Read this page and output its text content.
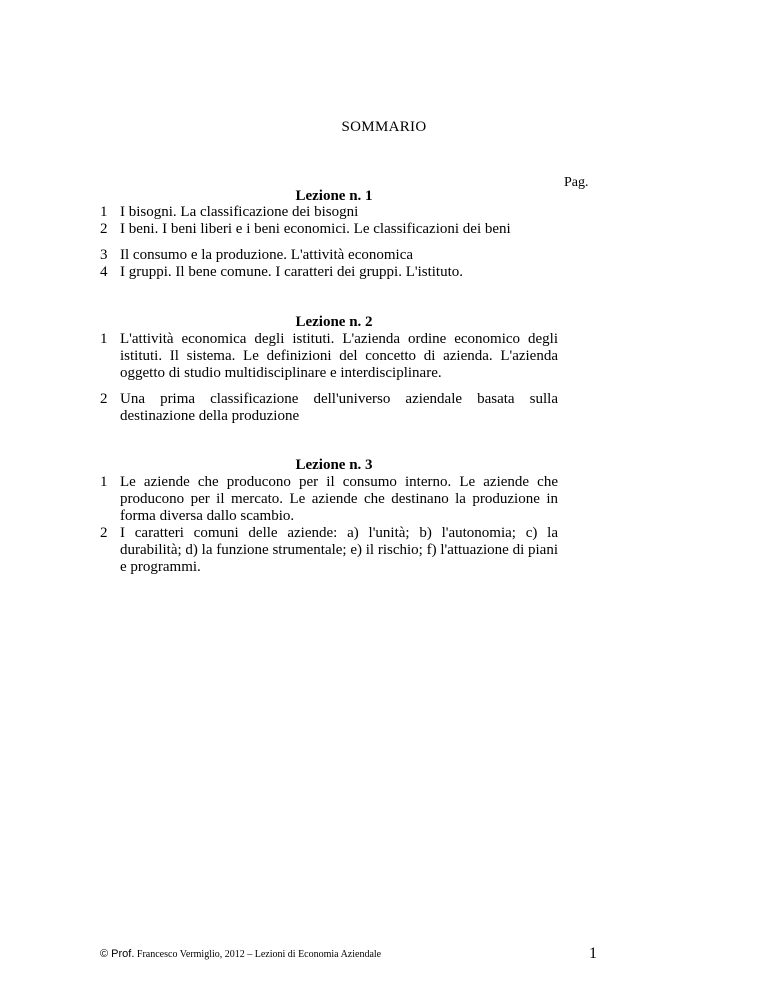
SOMMARIO
Pag.
Lezione n. 1
1 I bisogni. La classificazione dei bisogni
2 I beni. I beni liberi e i beni economici. Le classificazioni dei beni
3 Il consumo e la produzione. L'attività economica
4 I gruppi. Il bene comune. I caratteri dei gruppi. L'istituto.
Lezione n. 2
1 L'attività economica degli istituti. L'azienda ordine economico degli istituti. Il sistema. Le definizioni del concetto di azienda. L'azienda oggetto di studio multidisciplinare e interdisciplinare.
2 Una prima classificazione dell'universo aziendale basata sulla destinazione della produzione
Lezione n. 3
1 Le aziende che producono per il consumo interno. Le aziende che producono per il mercato. Le aziende che destinano la produzione in forma diversa dallo scambio.
2 I caratteri comuni delle aziende: a) l'unità; b) l'autonomia; c) la durabilità; d) la funzione strumentale; e) il rischio; f) l'attuazione di piani e programmi.
© Prof. Francesco Vermiglio, 2012 – Lezioni di Economia Aziendale	1
